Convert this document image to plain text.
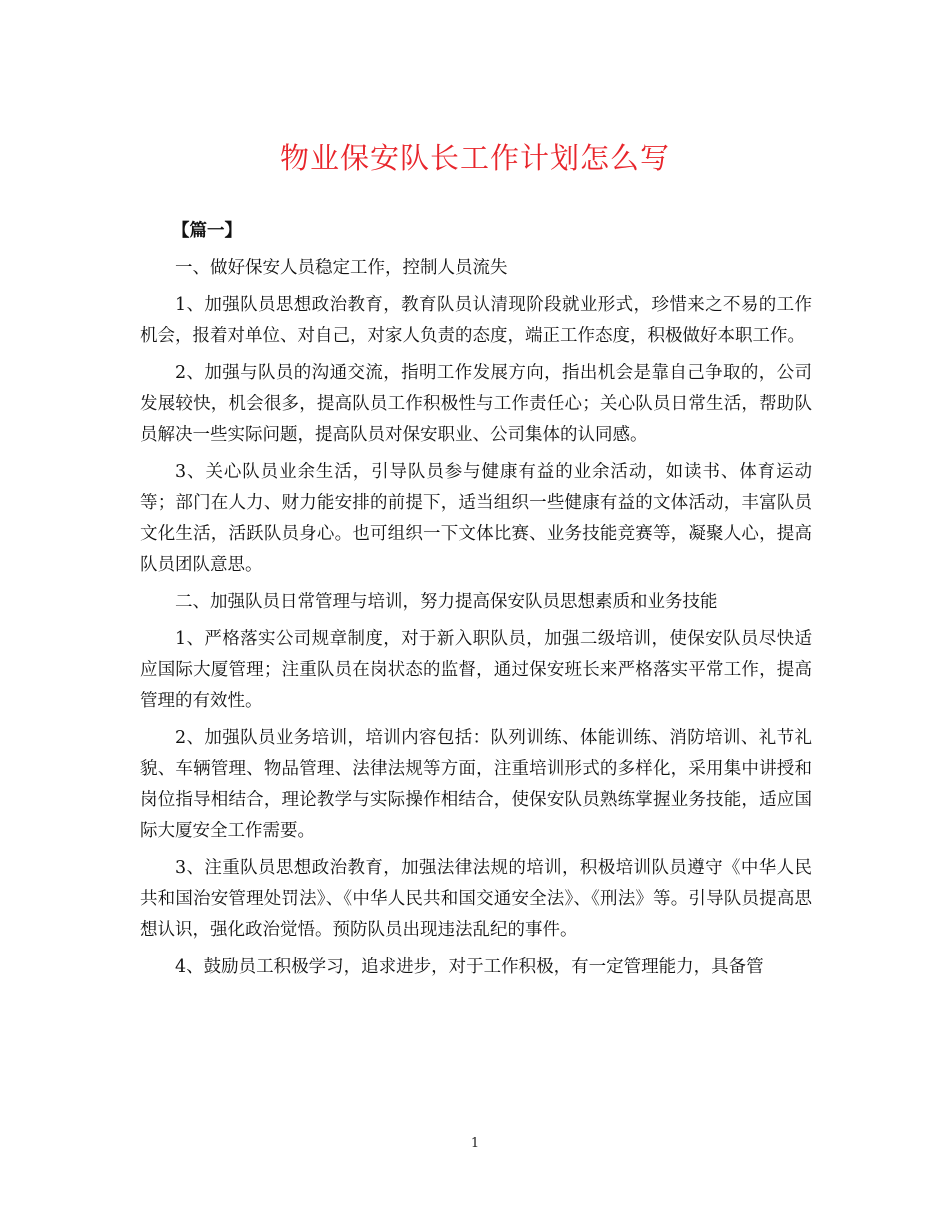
物业保安队长工作计划怎么写

【篇一】

一、做好保安人员稳定工作，控制人员流失

1、加强队员思想政治教育，教育队员认清现阶段就业形式，珍惜来之不易的工作机会，报着对单位、对自己，对家人负责的态度，端正工作态度，积极做好本职工作。

2、加强与队员的沟通交流，指明工作发展方向，指出机会是靠自己争取的，公司发展较快，机会很多，提高队员工作积极性与工作责任心；关心队员日常生活，帮助队员解决一些实际问题，提高队员对保安职业、公司集体的认同感。

3、关心队员业余生活，引导队员参与健康有益的业余活动，如读书、体育运动等；部门在人力、财力能安排的前提下，适当组织一些健康有益的文体活动，丰富队员文化生活，活跃队员身心。也可组织一下文体比赛、业务技能竞赛等，凝聚人心，提高队员团队意思。

二、加强队员日常管理与培训，努力提高保安队员思想素质和业务技能

1、严格落实公司规章制度，对于新入职队员，加强二级培训，使保安队员尽快适应国际大厦管理；注重队员在岗状态的监督，通过保安班长来严格落实平常工作，提高管理的有效性。

2、加强队员业务培训，培训内容包括：队列训练、体能训练、消防培训、礼节礼貌、车辆管理、物品管理、法律法规等方面，注重培训形式的多样化，采用集中讲授和岗位指导相结合，理论教学与实际操作相结合，使保安队员熟练掌握业务技能，适应国际大厦安全工作需要。

3、注重队员思想政治教育，加强法律法规的培训，积极培训队员遵守《中华人民共和国治安管理处罚法》、《中华人民共和国交通安全法》、《刑法》等。引导队员提高思想认识，强化政治觉悟。预防队员出现违法乱纪的事件。

4、鼓励员工积极学习，追求进步，对于工作积极，有一定管理能力，具备管

1
